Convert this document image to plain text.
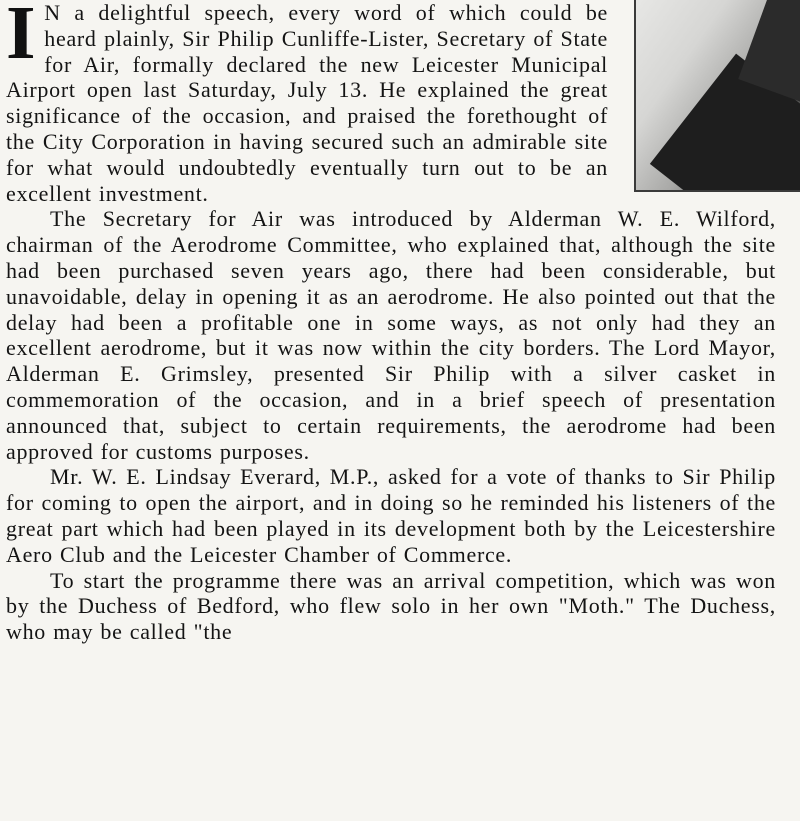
I N a delightful speech, every word of which could be heard plainly, Sir Philip Cunliffe-Lister, Secretary of State for Air, formally declared the new Leicester Municipal Airport open last Saturday, July 13. He explained the great significance of the occasion, and praised the forethought of the City Corporation in having secured such an admirable site for what would undoubtedly eventually turn out to be an excellent investment.

The Secretary for Air was introduced by Alderman W. E. Wilford, chairman of the Aerodrome Committee, who explained that, although the site had been purchased seven years ago, there had been considerable, but unavoidable, delay in opening it as an aerodrome. He also pointed out that the delay had been a profitable one in some ways, as not only had they an excellent aerodrome, but it was now within the city borders. The Lord Mayor, Alderman E. Grimsley, presented Sir Philip with a silver casket in commemoration of the occasion, and in a brief speech of presentation announced that, subject to certain requirements, the aerodrome had been approved for customs purposes.

Mr. W. E. Lindsay Everard, M.P., asked for a vote of thanks to Sir Philip for coming to open the airport, and in doing so he reminded his listeners of the great part which had been played in its development both by the Leicestershire Aero Club and the Leicester Chamber of Commerce.

To start the programme there was an arrival competition, which was won by the Duchess of Bedford, who flew solo in her own "Moth." The Duchess, who may be called "the
